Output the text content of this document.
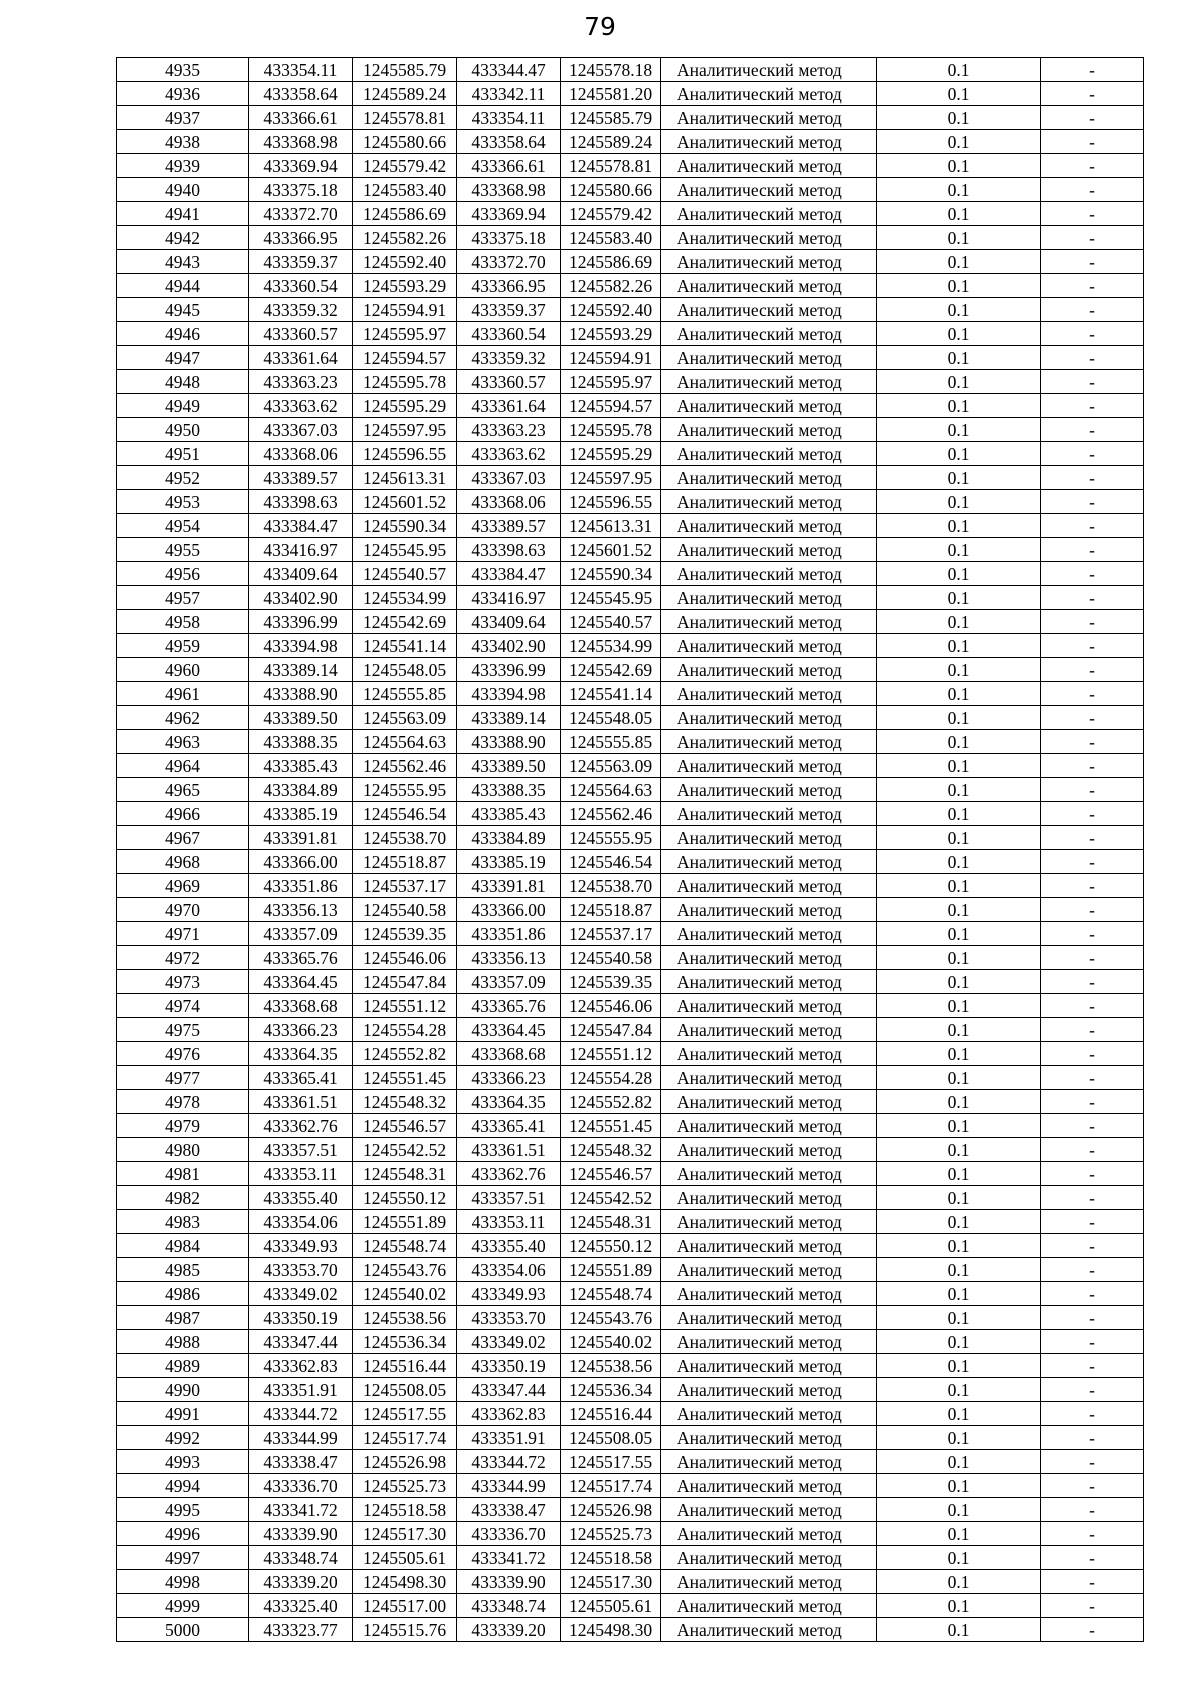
79
4935	433354.11	1245585.79	433344.47	1245578.18	Аналитический метод	0.1	-
4936	433358.64	1245589.24	433342.11	1245581.20	Аналитический метод	0.1	-
4937	433366.61	1245578.81	433354.11	1245585.79	Аналитический метод	0.1	-
4938	433368.98	1245580.66	433358.64	1245589.24	Аналитический метод	0.1	-
4939	433369.94	1245579.42	433366.61	1245578.81	Аналитический метод	0.1	-
4940	433375.18	1245583.40	433368.98	1245580.66	Аналитический метод	0.1	-
4941	433372.70	1245586.69	433369.94	1245579.42	Аналитический метод	0.1	-
4942	433366.95	1245582.26	433375.18	1245583.40	Аналитический метод	0.1	-
4943	433359.37	1245592.40	433372.70	1245586.69	Аналитический метод	0.1	-
4944	433360.54	1245593.29	433366.95	1245582.26	Аналитический метод	0.1	-
4945	433359.32	1245594.91	433359.37	1245592.40	Аналитический метод	0.1	-
4946	433360.57	1245595.97	433360.54	1245593.29	Аналитический метод	0.1	-
4947	433361.64	1245594.57	433359.32	1245594.91	Аналитический метод	0.1	-
4948	433363.23	1245595.78	433360.57	1245595.97	Аналитический метод	0.1	-
4949	433363.62	1245595.29	433361.64	1245594.57	Аналитический метод	0.1	-
4950	433367.03	1245597.95	433363.23	1245595.78	Аналитический метод	0.1	-
4951	433368.06	1245596.55	433363.62	1245595.29	Аналитический метод	0.1	-
4952	433389.57	1245613.31	433367.03	1245597.95	Аналитический метод	0.1	-
4953	433398.63	1245601.52	433368.06	1245596.55	Аналитический метод	0.1	-
4954	433384.47	1245590.34	433389.57	1245613.31	Аналитический метод	0.1	-
4955	433416.97	1245545.95	433398.63	1245601.52	Аналитический метод	0.1	-
4956	433409.64	1245540.57	433384.47	1245590.34	Аналитический метод	0.1	-
4957	433402.90	1245534.99	433416.97	1245545.95	Аналитический метод	0.1	-
4958	433396.99	1245542.69	433409.64	1245540.57	Аналитический метод	0.1	-
4959	433394.98	1245541.14	433402.90	1245534.99	Аналитический метод	0.1	-
4960	433389.14	1245548.05	433396.99	1245542.69	Аналитический метод	0.1	-
4961	433388.90	1245555.85	433394.98	1245541.14	Аналитический метод	0.1	-
4962	433389.50	1245563.09	433389.14	1245548.05	Аналитический метод	0.1	-
4963	433388.35	1245564.63	433388.90	1245555.85	Аналитический метод	0.1	-
4964	433385.43	1245562.46	433389.50	1245563.09	Аналитический метод	0.1	-
4965	433384.89	1245555.95	433388.35	1245564.63	Аналитический метод	0.1	-
4966	433385.19	1245546.54	433385.43	1245562.46	Аналитический метод	0.1	-
4967	433391.81	1245538.70	433384.89	1245555.95	Аналитический метод	0.1	-
4968	433366.00	1245518.87	433385.19	1245546.54	Аналитический метод	0.1	-
4969	433351.86	1245537.17	433391.81	1245538.70	Аналитический метод	0.1	-
4970	433356.13	1245540.58	433366.00	1245518.87	Аналитический метод	0.1	-
4971	433357.09	1245539.35	433351.86	1245537.17	Аналитический метод	0.1	-
4972	433365.76	1245546.06	433356.13	1245540.58	Аналитический метод	0.1	-
4973	433364.45	1245547.84	433357.09	1245539.35	Аналитический метод	0.1	-
4974	433368.68	1245551.12	433365.76	1245546.06	Аналитический метод	0.1	-
4975	433366.23	1245554.28	433364.45	1245547.84	Аналитический метод	0.1	-
4976	433364.35	1245552.82	433368.68	1245551.12	Аналитический метод	0.1	-
4977	433365.41	1245551.45	433366.23	1245554.28	Аналитический метод	0.1	-
4978	433361.51	1245548.32	433364.35	1245552.82	Аналитический метод	0.1	-
4979	433362.76	1245546.57	433365.41	1245551.45	Аналитический метод	0.1	-
4980	433357.51	1245542.52	433361.51	1245548.32	Аналитический метод	0.1	-
4981	433353.11	1245548.31	433362.76	1245546.57	Аналитический метод	0.1	-
4982	433355.40	1245550.12	433357.51	1245542.52	Аналитический метод	0.1	-
4983	433354.06	1245551.89	433353.11	1245548.31	Аналитический метод	0.1	-
4984	433349.93	1245548.74	433355.40	1245550.12	Аналитический метод	0.1	-
4985	433353.70	1245543.76	433354.06	1245551.89	Аналитический метод	0.1	-
4986	433349.02	1245540.02	433349.93	1245548.74	Аналитический метод	0.1	-
4987	433350.19	1245538.56	433353.70	1245543.76	Аналитический метод	0.1	-
4988	433347.44	1245536.34	433349.02	1245540.02	Аналитический метод	0.1	-
4989	433362.83	1245516.44	433350.19	1245538.56	Аналитический метод	0.1	-
4990	433351.91	1245508.05	433347.44	1245536.34	Аналитический метод	0.1	-
4991	433344.72	1245517.55	433362.83	1245516.44	Аналитический метод	0.1	-
4992	433344.99	1245517.74	433351.91	1245508.05	Аналитический метод	0.1	-
4993	433338.47	1245526.98	433344.72	1245517.55	Аналитический метод	0.1	-
4994	433336.70	1245525.73	433344.99	1245517.74	Аналитический метод	0.1	-
4995	433341.72	1245518.58	433338.47	1245526.98	Аналитический метод	0.1	-
4996	433339.90	1245517.30	433336.70	1245525.73	Аналитический метод	0.1	-
4997	433348.74	1245505.61	433341.72	1245518.58	Аналитический метод	0.1	-
4998	433339.20	1245498.30	433339.90	1245517.30	Аналитический метод	0.1	-
4999	433325.40	1245517.00	433348.74	1245505.61	Аналитический метод	0.1	-
5000	433323.77	1245515.76	433339.20	1245498.30	Аналитический метод	0.1	-
